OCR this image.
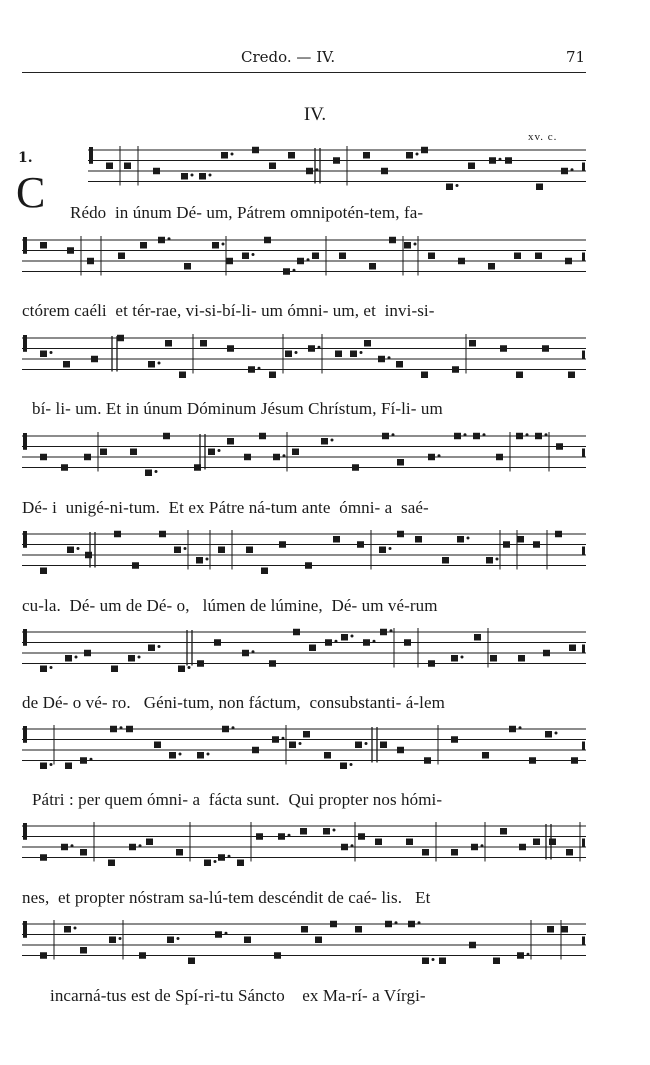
Credo. — IV.	71
IV.
xv. c.
1.
C Rédo  in únum Dé- um, Pátrem omnipotén-tem, fa-
ctórem caéli  et tér-rae, vi-si-bí-li- um ómni- um, et  invi-si-
bí- li- um. Et in únum Dóminum Jésum Chrístum, Fí-li- um
Dé- i  unigé-ni-tum.  Et ex Pátre ná-tum ante  ómni- a  saé-
cu-la.  Dé- um de Dé- o,   lúmen de lúmine,  Dé- um vé-rum
de Dé- o vé- ro.   Géni-tum, non fáctum,  consubstanti- á-lem
Pátri : per quem ómni- a  fácta sunt.  Qui propter nos hómi-
nes,  et propter nóstram sa-lú-tem descéndit de caé- lis.   Et
incarná-tus est de Spí-ri-tu Sáncto    ex Ma-rí- a Vírgi-
